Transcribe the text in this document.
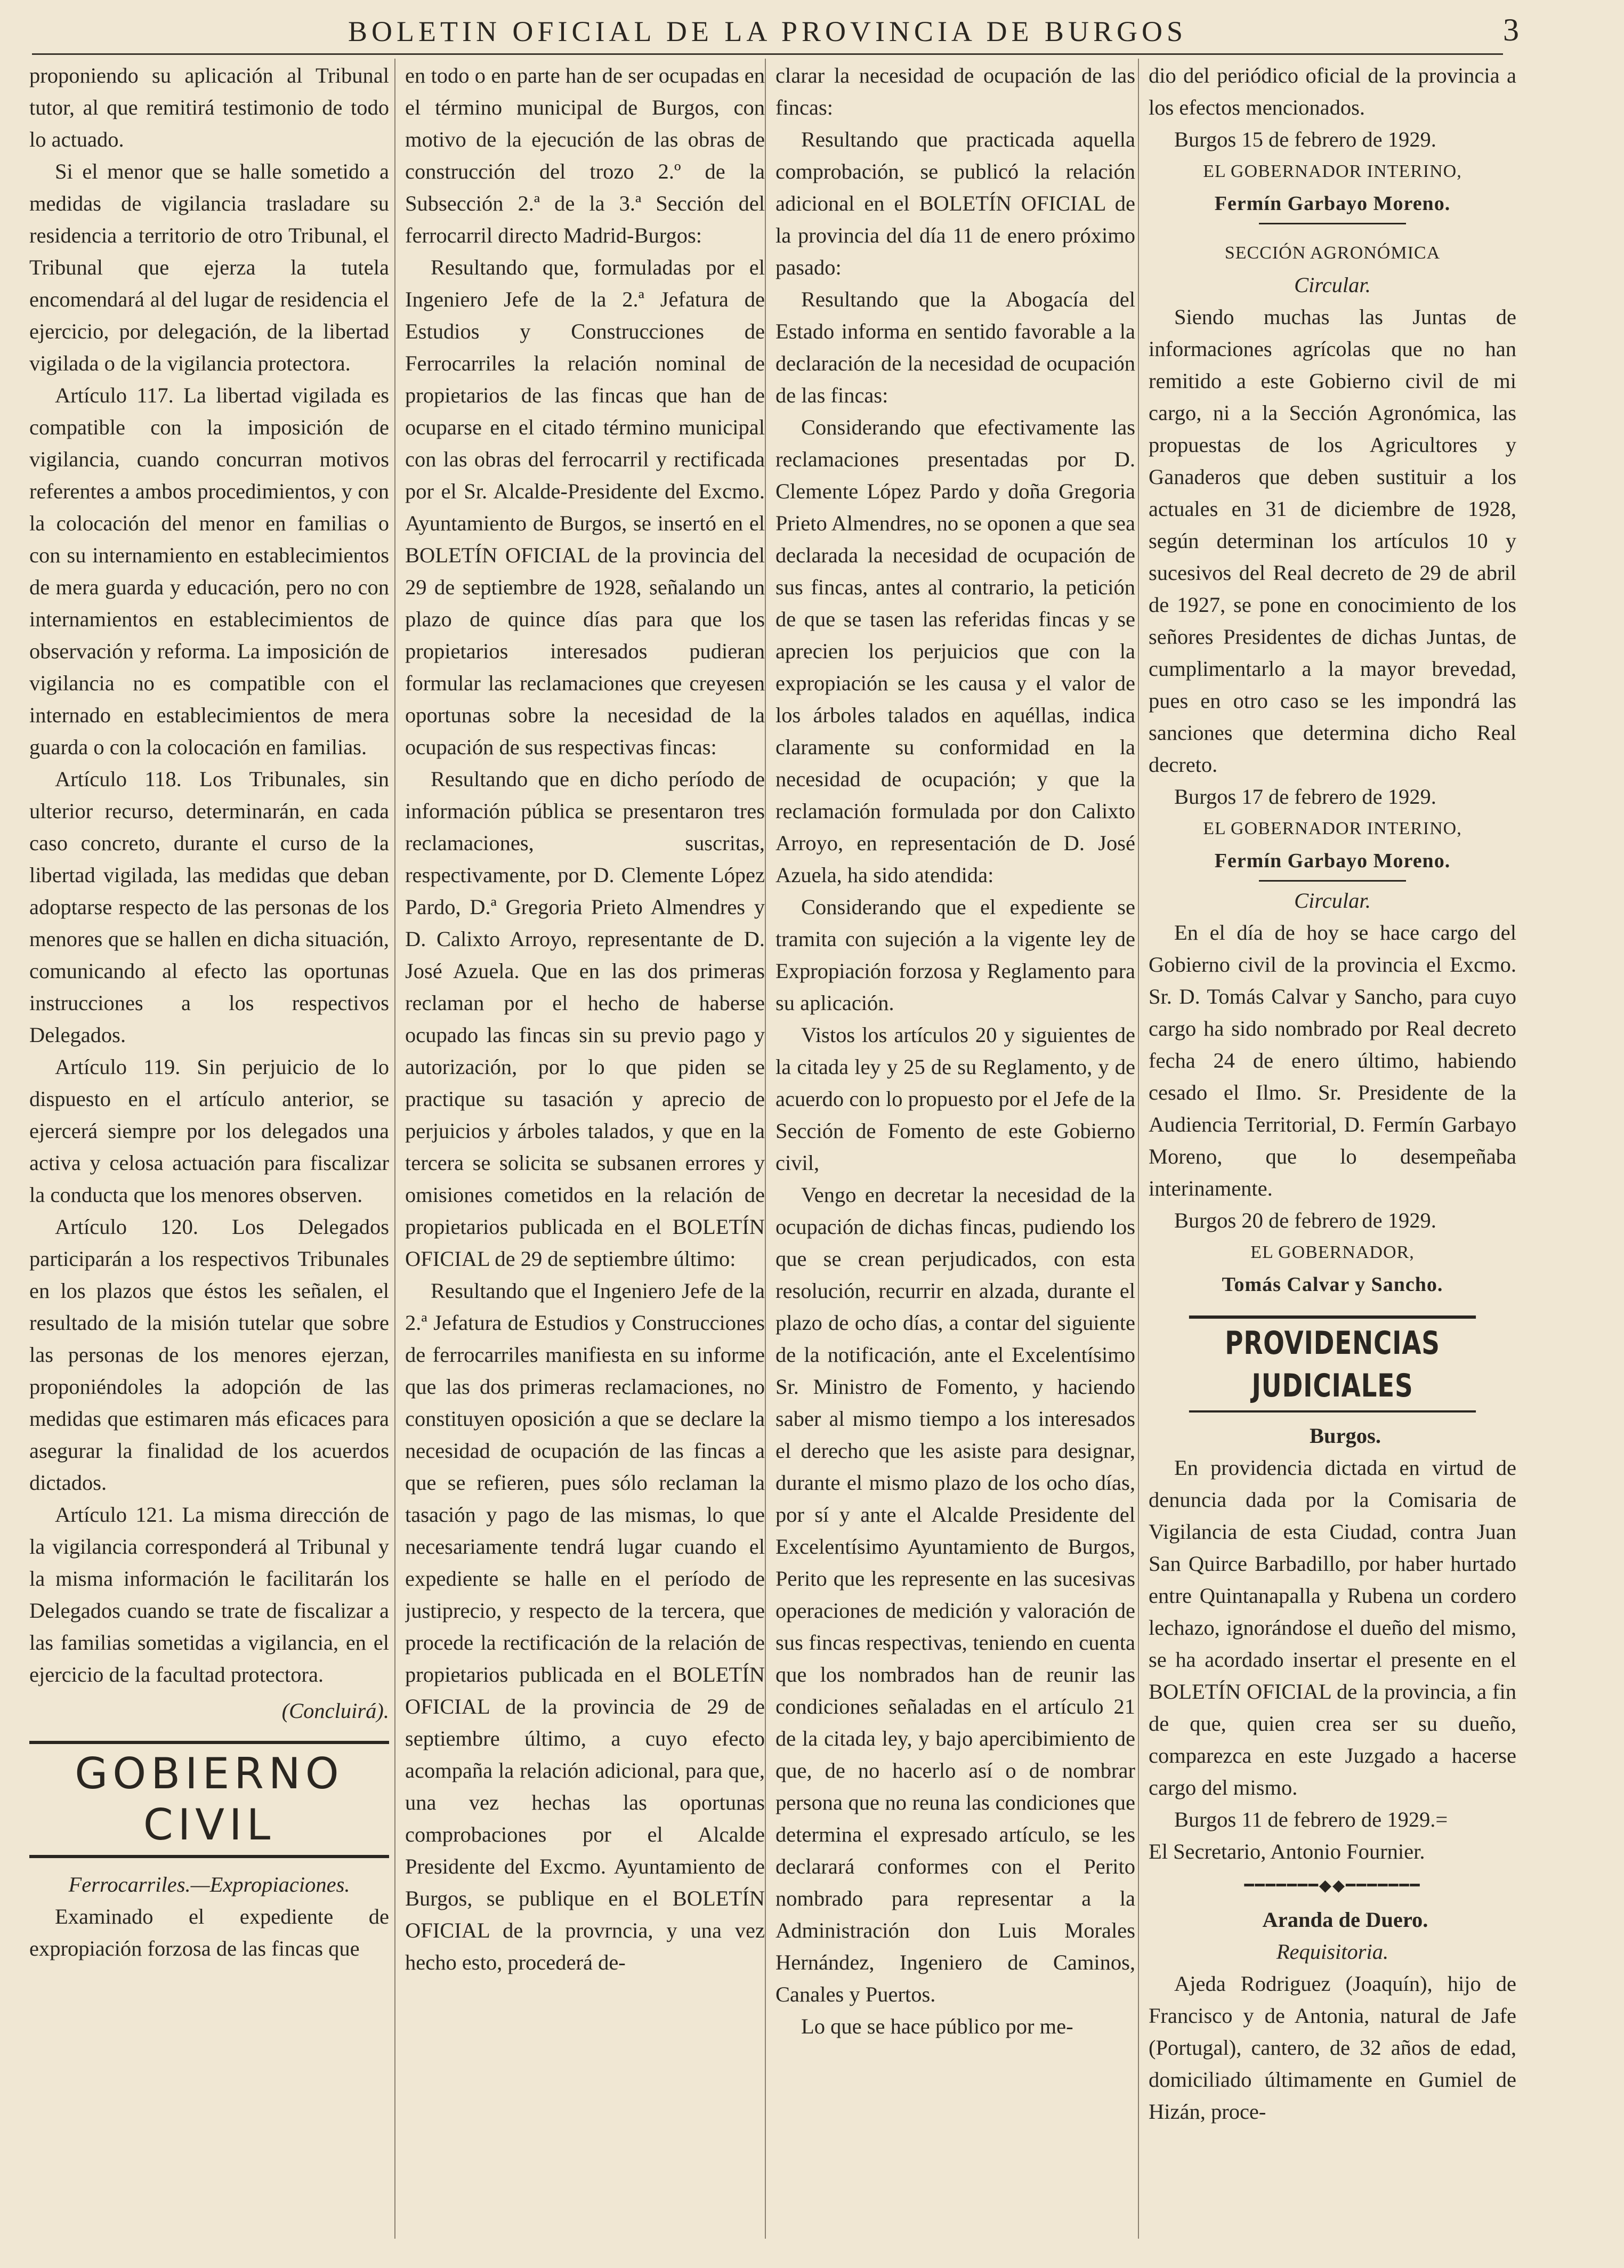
BOLETIN OFICIAL DE LA PROVINCIA DE BURGOS	3

proponiendo su aplicación al Tribunal tutor, al que remitirá testimonio de todo lo actuado.

Si el menor que se halle sometido a medidas de vigilancia trasladare su residencia a territorio de otro Tribunal, el Tribunal que ejerza la tutela encomendará al del lugar de residencia el ejercicio, por delegación, de la libertad vigilada o de la vigilancia protectora.

Artículo 117. La libertad vigilada es compatible con la imposición de vigilancia, cuando concurran motivos referentes a ambos procedimientos, y con la colocación del menor en familias o con su internamiento en establecimientos de mera guarda y educación, pero no con internamientos en establecimientos de observación y reforma. La imposición de vigilancia no es compatible con el internado en establecimientos de mera guarda o con la colocación en familias.

Artículo 118. Los Tribunales, sin ulterior recurso, determinarán, en cada caso concreto, durante el curso de la libertad vigilada, las medidas que deban adoptarse respecto de las personas de los menores que se hallen en dicha situación, comunicando al efecto las oportunas instrucciones a los respectivos Delegados.

Artículo 119. Sin perjuicio de lo dispuesto en el artículo anterior, se ejercerá siempre por los delegados una activa y celosa actuación para fiscalizar la conducta que los menores observen.

Artículo 120. Los Delegados participarán a los respectivos Tribunales en los plazos que éstos les señalen, el resultado de la misión tutelar que sobre las personas de los menores ejerzan, proponiéndoles la adopción de las medidas que estimaren más eficaces para asegurar la finalidad de los acuerdos dictados.

Artículo 121. La misma dirección de la vigilancia corresponderá al Tribunal y la misma información le facilitarán los Delegados cuando se trate de fiscalizar a las familias sometidas a vigilancia, en el ejercicio de la facultad protectora.

(Concluirá).

GOBIERNO CIVIL

Ferrocarriles.—Expropiaciones.

Examinado el expediente de expropiación forzosa de las fincas que

en todo o en parte han de ser ocupadas en el término municipal de Burgos, con motivo de la ejecución de las obras de construcción del trozo 2.º de la Subsección 2.ª de la 3.ª Sección del ferrocarril directo Madrid-Burgos:

Resultando que, formuladas por el Ingeniero Jefe de la 2.ª Jefatura de Estudios y Construcciones de Ferrocarriles la relación nominal de propietarios de las fincas que han de ocuparse en el citado término municipal con las obras del ferrocarril y rectificada por el Sr. Alcalde-Presidente del Excmo. Ayuntamiento de Burgos, se insertó en el BOLETÍN OFICIAL de la provincia del 29 de septiembre de 1928, señalando un plazo de quince días para que los propietarios interesados pudieran formular las reclamaciones que creyesen oportunas sobre la necesidad de la ocupación de sus respectivas fincas:

Resultando que en dicho período de información pública se presentaron tres reclamaciones, suscritas, respectivamente, por D. Clemente López Pardo, D.ª Gregoria Prieto Almendres y D. Calixto Arroyo, representante de D. José Azuela. Que en las dos primeras reclaman por el hecho de haberse ocupado las fincas sin su previo pago y autorización, por lo que piden se practique su tasación y aprecio de perjuicios y árboles talados, y que en la tercera se solicita se subsanen errores y omisiones cometidos en la relación de propietarios publicada en el BOLETÍN OFICIAL de 29 de septiembre último:

Resultando que el Ingeniero Jefe de la 2.ª Jefatura de Estudios y Construcciones de ferrocarriles manifiesta en su informe que las dos primeras reclamaciones, no constituyen oposición a que se declare la necesidad de ocupación de las fincas a que se refieren, pues sólo reclaman la tasación y pago de las mismas, lo que necesariamente tendrá lugar cuando el expediente se halle en el período de justiprecio, y respecto de la tercera, que procede la rectificación de la relación de propietarios publicada en el BOLETÍN OFICIAL de la provincia de 29 de septiembre último, a cuyo efecto acompaña la relación adicional, para que, una vez hechas las oportunas comprobaciones por el Alcalde Presidente del Excmo. Ayuntamiento de Burgos, se publique en el BOLETÍN OFICIAL de la provrncia, y una vez hecho esto, procederá de-

clarar la necesidad de ocupación de las fincas:

Resultando que practicada aquella comprobación, se publicó la relación adicional en el BOLETÍN OFICIAL de la provincia del día 11 de enero próximo pasado:

Resultando que la Abogacía del Estado informa en sentido favorable a la declaración de la necesidad de ocupación de las fincas:

Considerando que efectivamente las reclamaciones presentadas por D. Clemente López Pardo y doña Gregoria Prieto Almendres, no se oponen a que sea declarada la necesidad de ocupación de sus fincas, antes al contrario, la petición de que se tasen las referidas fincas y se aprecien los perjuicios que con la expropiación se les causa y el valor de los árboles talados en aquéllas, indica claramente su conformidad en la necesidad de ocupación; y que la reclamación formulada por don Calixto Arroyo, en representación de D. José Azuela, ha sido atendida:

Considerando que el expediente se tramita con sujeción a la vigente ley de Expropiación forzosa y Reglamento para su aplicación.

Vistos los artículos 20 y siguientes de la citada ley y 25 de su Reglamento, y de acuerdo con lo propuesto por el Jefe de la Sección de Fomento de este Gobierno civil,

Vengo en decretar la necesidad de la ocupación de dichas fincas, pudiendo los que se crean perjudicados, con esta resolución, recurrir en alzada, durante el plazo de ocho días, a contar del siguiente de la notificación, ante el Excelentísimo Sr. Ministro de Fomento, y haciendo saber al mismo tiempo a los interesados el derecho que les asiste para designar, durante el mismo plazo de los ocho días, por sí y ante el Alcalde Presidente del Excelentísimo Ayuntamiento de Burgos, Perito que les represente en las sucesivas operaciones de medición y valoración de sus fincas respectivas, teniendo en cuenta que los nombrados han de reunir las condiciones señaladas en el artículo 21 de la citada ley, y bajo apercibimiento de que, de no hacerlo así o de nombrar persona que no reuna las condiciones que determina el expresado artículo, se les declarará conformes con el Perito nombrado para representar a la Administración don Luis Morales Hernández, Ingeniero de Caminos, Canales y Puertos.

Lo que se hace público por me-

dio del periódico oficial de la provincia a los efectos mencionados.

Burgos 15 de febrero de 1929.

EL GOBERNADOR INTERINO,

Fermín Garbayo Moreno.

SECCIÓN AGRONÓMICA

Circular.

Siendo muchas las Juntas de informaciones agrícolas que no han remitido a este Gobierno civil de mi cargo, ni a la Sección Agronómica, las propuestas de los Agricultores y Ganaderos que deben sustituir a los actuales en 31 de diciembre de 1928, según determinan los artículos 10 y sucesivos del Real decreto de 29 de abril de 1927, se pone en conocimiento de los señores Presidentes de dichas Juntas, de cumplimentarlo a la mayor brevedad, pues en otro caso se les impondrá las sanciones que determina dicho Real decreto.

Burgos 17 de febrero de 1929.

EL GOBERNADOR INTERINO,

Fermín Garbayo Moreno.

Circular.

En el día de hoy se hace cargo del Gobierno civil de la provincia el Excmo. Sr. D. Tomás Calvar y Sancho, para cuyo cargo ha sido nombrado por Real decreto fecha 24 de enero último, habiendo cesado el Ilmo. Sr. Presidente de la Audiencia Territorial, D. Fermín Garbayo Moreno, que lo desempeñaba interinamente.

Burgos 20 de febrero de 1929.

EL GOBERNADOR,

Tomás Calvar y Sancho.

PROVIDENCIAS JUDICIALES

Burgos.

En providencia dictada en virtud de denuncia dada por la Comisaria de Vigilancia de esta Ciudad, contra Juan San Quirce Barbadillo, por haber hurtado entre Quintanapalla y Rubena un cordero lechazo, ignorándose el dueño del mismo, se ha acordado insertar el presente en el BOLETÍN OFICIAL de la provincia, a fin de que, quien crea ser su dueño, comparezca en este Juzgado a hacerse cargo del mismo.

Burgos 11 de febrero de 1929.=

El Secretario, Antonio Fournier.

━━━━━━━◆◆━━━━━━━

Aranda de Duero.

Requisitoria.

Ajeda Rodriguez (Joaquín), hijo de Francisco y de Antonia, natural de Jafe (Portugal), cantero, de 32 años de edad, domiciliado últimamente en Gumiel de Hizán, proce-
